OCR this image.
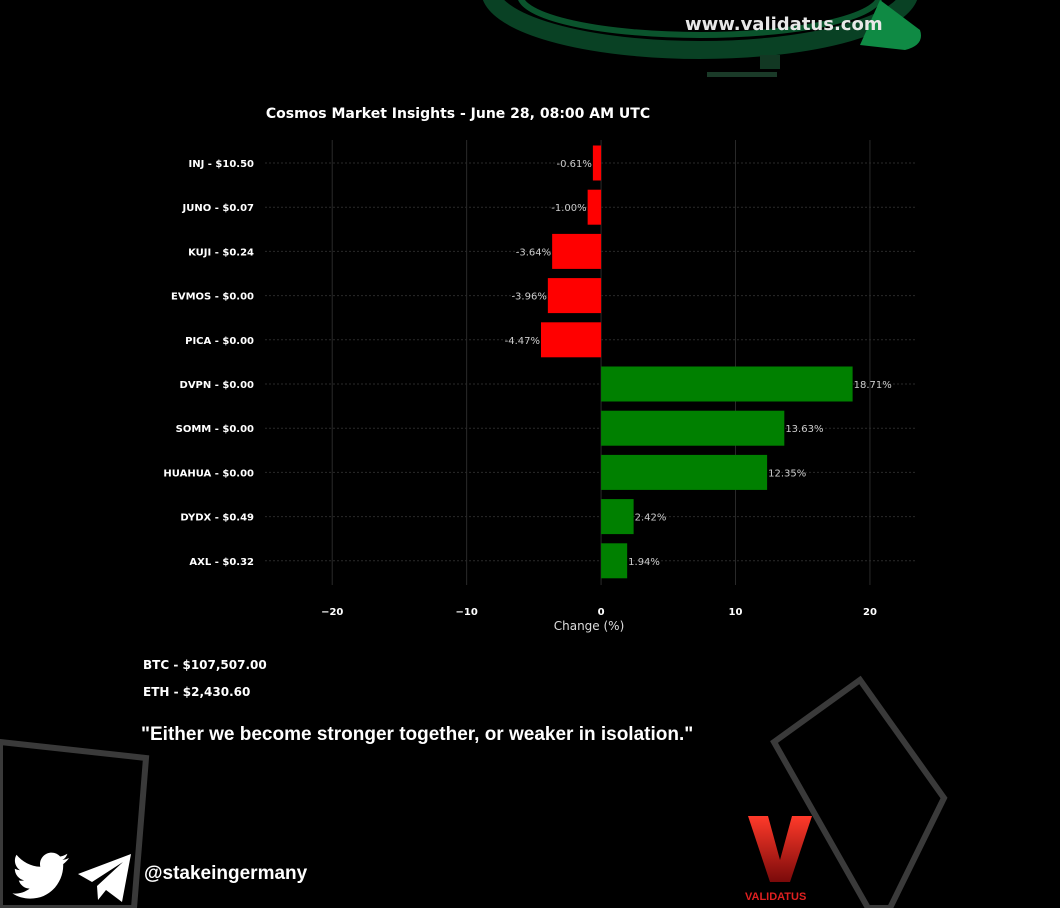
www.validatus.com
Cosmos Market Insights - June 28, 08:00 AM UTC
INJ - $10.50
JUNO - $0.07
KUJI - $0.24
EVMOS - $0.00
PICA - $0.00
DVPN - $0.00
SOMM - $0.00
HUAHUA - $0.00
DYDX - $0.49
AXL - $0.32
−20	−10	0	10	20
-0.61%
-1.00%
-3.64%
-3.96%
-4.47%
18.71%
13.63%
12.35%
2.42%
1.94%
Change (%)
BTC - $107,507.00
ETH - $2,430.60
"Either we become stronger together, or weaker in isolation."
@stakeingermany
VALIDATUS
